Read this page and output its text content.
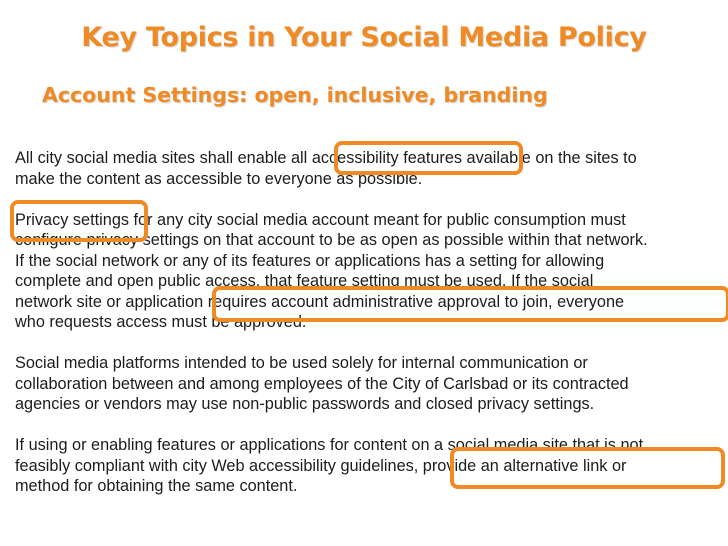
Key Topics in Your Social Media Policy
Account Settings: open, inclusive, branding
All city social media sites shall enable all accessibility features available on the sites to
make the content as accessible to everyone as possible.
Privacy settings for any city social media account meant for public consumption must
configure privacy settings on that account to be as open as possible within that network.
If the social network or any of its features or applications has a setting for allowing
complete and open public access, that feature setting must be used. If the social
network site or application requires account administrative approval to join, everyone
who requests access must be approved.
Social media platforms intended to be used solely for internal communication or
collaboration between and among employees of the City of Carlsbad or its contracted
agencies or vendors may use non-public passwords and closed privacy settings.
If using or enabling features or applications for content on a social media site that is not
feasibly compliant with city Web accessibility guidelines, provide an alternative link or
method for obtaining the same content.
